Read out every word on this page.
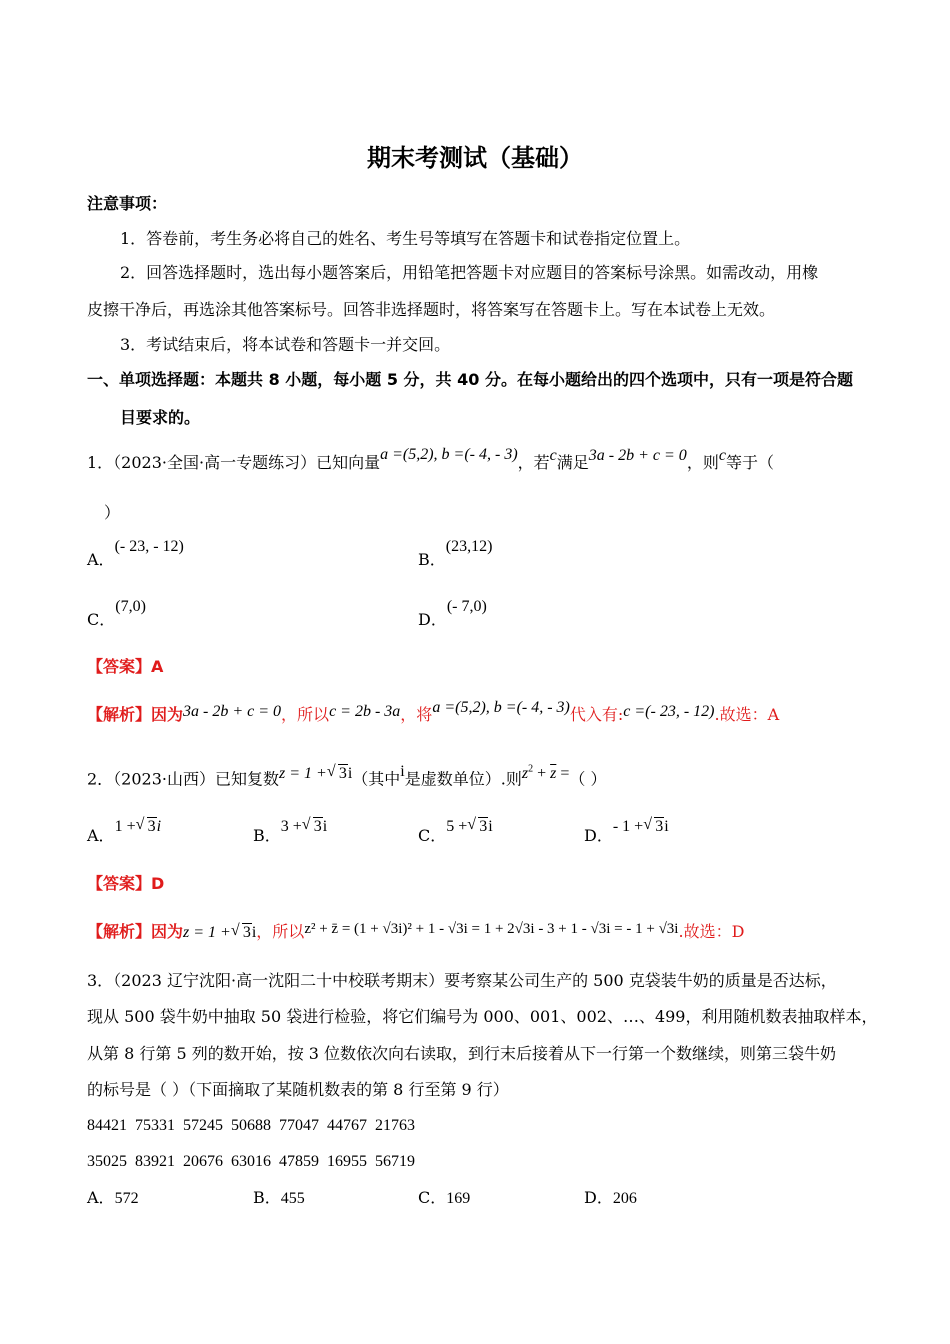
期末考测试（基础）
注意事项：
1．答卷前，考生务必将自己的姓名、考生号等填写在答题卡和试卷指定位置上。
2．回答选择题时，选出每小题答案后，用铅笔把答题卡对应题目的答案标号涂黑。如需改动，用橡
皮擦干净后，再选涂其他答案标号。回答非选择题时，将答案写在答题卡上。写在本试卷上无效。
3．考试结束后，将本试卷和答题卡一并交回。
一、单项选择题：本题共 8 小题，每小题 5 分，共 40 分。在每小题给出的四个选项中，只有一项是符合题
目要求的。
1．（2023·全国·高一专题练习）已知向量a =(5,2), b =(- 4, - 3)，若c满足3a - 2b + c = 0，则c等于（
）
A．(- 23, - 12)
B．(23,12)
C．(7,0)
D．(- 7,0)
【答案】A
【解析】因为3a - 2b + c = 0，所以c = 2b - 3a，将a =(5,2), b =(- 4, - 3)代入有:c =(- 23, - 12).故选：A
2．（2023·山西）已知复数z = 1 + √ 3i（其中i是虚数单位）.则$z^2 + \overline{z}$ =（ ）
A．1 + √ 3i	B．3 + √ 3i	C．5 + √ 3i	D．- 1 + √ 3i
【答案】D
【解析】因为z = 1 + √ 3i，所以z² + z̄ = (1 + √3i)² + 1 - √3i = 1 + 2√3i - 3 + 1 - √3i = - 1 + √3i.故选：D
3．（2023 辽宁沈阳·高一沈阳二十中校联考期末）要考察某公司生产的 500 克袋装牛奶的质量是否达标，
现从 500 袋牛奶中抽取 50 袋进行检验，将它们编号为 000、001、002、…、499，利用随机数表抽取样本，
从第 8 行第 5 列的数开始，按 3 位数依次向右读取，到行末后接着从下一行第一个数继续，则第三袋牛奶
的标号是（ ）（下面摘取了某随机数表的第 8 行至第 9 行）
84421  75331  57245  50688  77047  44767  21763
35025  83921  20676  63016  47859  16955  56719
A．572	B．455	C．169	D．206
